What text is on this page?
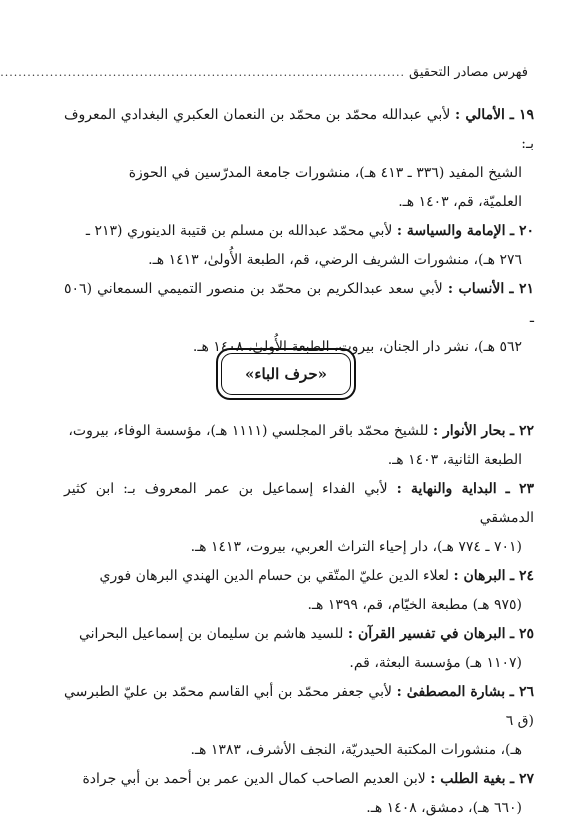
فهرس مصادر التحقيق
..........................................................................................

١٩ ـ الأمالي : لأبي عبدالله محمّد بن محمّد بن النعمان العكبري البغدادي المعروف بـ:

الشيخ المفيد (٣٣٦ ـ ٤١٣ هـ)، منشورات جامعة المدرّسين في الحوزة

العلميّة، قم، ١٤٠٣ هـ.

٢٠ ـ الإمامة والسياسة : لأبي محمّد عبدالله بن مسلم بن قتيبة الدينوري (٢١٣ ـ

٢٧٦ هـ)، منشورات الشريف الرضي، قم، الطبعة الأُولىٰ، ١٤١٣ هـ.

٢١ ـ الأنساب : لأبي سعد عبدالكريم بن محمّد بن منصور التميمي السمعاني (٥٠٦ ـ

٥٦٢ هـ)، نشر دار الجنان، بيروت، الطبعة الأُولىٰ، ١٤٠٨ هـ.

«حرف الباء»

٢٢ ـ بحار الأنوار : للشيخ محمّد باقر المجلسي (١١١١ هـ)، مؤسسة الوفاء، بيروت،

الطبعة الثانية، ١٤٠٣ هـ.

٢٣ ـ البداية والنهاية : لأبي الفداء إسماعيل بن عمر المعروف بـ: ابن كثير الدمشقي

(٧٠١ ـ ٧٧٤ هـ)، دار إحياء التراث العربي، بيروت، ١٤١٣ هـ.

٢٤ ـ البرهان : لعلاء الدين عليّ المتّقي بن حسام الدين الهندي البرهان فوري

(٩٧٥ هـ) مطبعة الخيّام، قم، ١٣٩٩ هـ.

٢٥ ـ البرهان في تفسير القرآن : للسيد هاشم بن سليمان بن إسماعيل البحراني

(١١٠٧ هـ) مؤسسة البعثة، قم.

٢٦ ـ بشارة المصطفىٰ : لأبي جعفر محمّد بن أبي القاسم محمّد بن عليّ الطبرسي (ق ٦

هـ)، منشورات المكتبة الحيدريّة، النجف الأشرف، ١٣٨٣ هـ.

٢٧ ـ بغية الطلب : لابن العديم الصاحب كمال الدين عمر بن أحمد بن أبي جرادة

(٦٦٠ هـ)، دمشق، ١٤٠٨ هـ.
